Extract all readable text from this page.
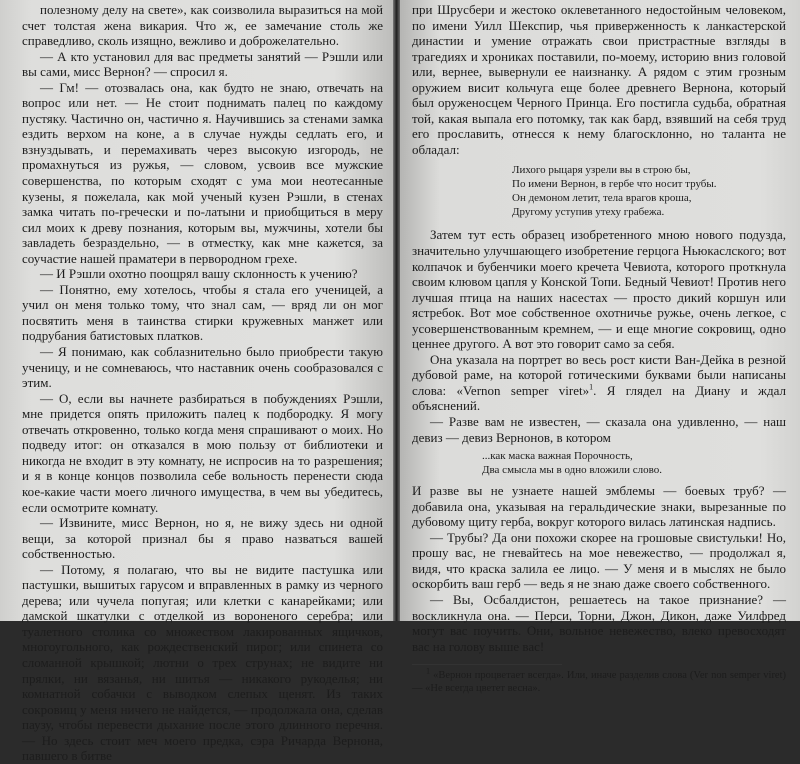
полезному делу на свете», как соизволила выразиться на мой счет толстая жена викария. Что ж, ее замечание столь же справедливо, сколь изящно, вежливо и доброжелательно.

— А кто установил для вас предметы занятий — Рэшли или вы сами, мисс Вернон? — спросил я.

— Гм! — отозвалась она, как будто не знаю, отвечать на вопрос или нет. — Не стоит поднимать палец по каждому пустяку. Частично он, частично я. Научившись за стенами замка ездить верхом на коне, а в случае нужды седлать его, и взнуздывать, и перемахивать через высокую изгородь, не промахнуться из ружья, — словом, усвоив все мужские совершенства, по которым сходят с ума мои неотесанные кузены, я пожелала, как мой ученый кузен Рэшли, в стенах замка читать по-гречески и по-латыни и приобщиться в меру сил моих к древу познания, которым вы, мужчины, хотели бы завладеть безраздельно, — в отместку, как мне кажется, за соучастие нашей праматери в первородном грехе.

— И Рэшли охотно поощрял вашу склонность к учению?

— Понятно, ему хотелось, чтобы я стала его ученицей, а учил он меня только тому, что знал сам, — вряд ли он мог посвятить меня в таинства стирки кружевных манжет или подрубания батистовых платков.

— Я понимаю, как соблазнительно было приобрести такую ученицу, и не сомневаюсь, что наставник очень сообразовался с этим.

— О, если вы начнете разбираться в побуждениях Рэшли, мне придется опять приложить палец к подбородку. Я могу отвечать откровенно, только когда меня спрашивают о моих. Но подведу итог: он отказался в мою пользу от библиотеки и никогда не входит в эту комнату, не испросив на то разрешения; и я в конце концов позволила себе вольность перенести сюда кое-какие части моего личного имущества, в чем вы убедитесь, если осмотрите комнату.

— Извините, мисс Вернон, но я, не вижу здесь ни одной вещи, за которой признал бы я право назваться вашей собственностью.

— Потому, я полагаю, что вы не видите пастушка или пастушки, вышитых гарусом и вправленных в рамку из черного дерева; или чучела попугая; или клетки с канарейками; или дамской шкатулки с отделкой из вороненого серебра; или туалетного столика со множеством лакированных ящичков, многоугольного, как рождественский пирог; или спинета со сломанной крышкой; лютни о трех струнах; не видите ни прялки, ни вязанья, ни шитья — никакого рукоделья; ни комнатной собачки с выводком слепых щенят. Из таких сокровищ у меня ничего не найдется, — продолжала она, сделав паузу, чтобы перевести дыхание после этого длинного перечня. — Но здесь стоит меч моего предка, сэра Ричарда Вернона, павшего в битве

при Шрусбери и жестоко оклеветанного недостойным человеком, по имени Уилл Шекспир, чья приверженность к ланкастерской династии и умение отражать свои пристрастные взгляды в трагедиях и хрониках поставили, по-моему, историю вниз головой или, вернее, вывернули ее наизнанку. А рядом с этим грозным оружием висит кольчуга еще более древнего Вернона, который был оруженосцем Черного Принца. Его постигла судьба, обратная той, какая выпала его потомку, так как бард, взявший на себя труд его прославить, отнесся к нему благосклонно, но таланта не обладал:

Лихого рыцаря узрели вы в строю бы,
По имени Вернон, в гербе что носит трубы.
Он демоном летит, тела врагов кроша,
Другому уступив утеху грабежа.

Затем тут есть образец изобретенного мною нового подузда, значительно улучшающего изобретение герцога Ньюкаслского; вот колпачок и бубенчики моего кречета Чевиота, которого проткнула своим клювом цапля у Конской Топи. Бедный Чевиот! Против него лучшая птица на наших насестах — просто дикий коршун или ястребок. Вот мое собственное охотничье ружье, очень легкое, с усовершенствованным кремнем, — и еще многие сокровищ, одно ценнее другого. А вот это говорит само за себя.

Она указала на портрет во весь рост кисти Ван-Дейка в резной дубовой раме, на которой готическими буквами были написаны слова: «Vernon semper viret»$^1$. Я глядел на Диану и ждал объяснений.

— Разве вам не известен, — сказала она удивленно, — наш девиз — девиз Вернонов, в котором

...как маска важная Порочность,
Два смысла мы в одно вложили слово.

И разве вы не узнаете нашей эмблемы — боевых труб? — добавила она, указывая на геральдические знаки, вырезанные по дубовому щиту герба, вокруг которого вилась латинская надпись.

— Трубы? Да они похожи скорее на грошовые свистульки! Но, прошу вас, не гневайтесь на мое невежество, — продолжал я, видя, что краска залила ее лицо. — У меня и в мыслях не было оскорбить ваш герб — ведь я не знаю даже своего собственного.

— Вы, Осбалдистон, решаетесь на такое признание? — воскликнула она. — Перси, Торни, Джон, Дикон, даже Уилфред могут вас поучить. Они, вольное невежество, влеко превосходят вас на голову выше вас!

$^1$ «Вернон процветает всегда». Или, иначе разделив слова (Ver non semper viret) — «Не всегда цветет весна».
